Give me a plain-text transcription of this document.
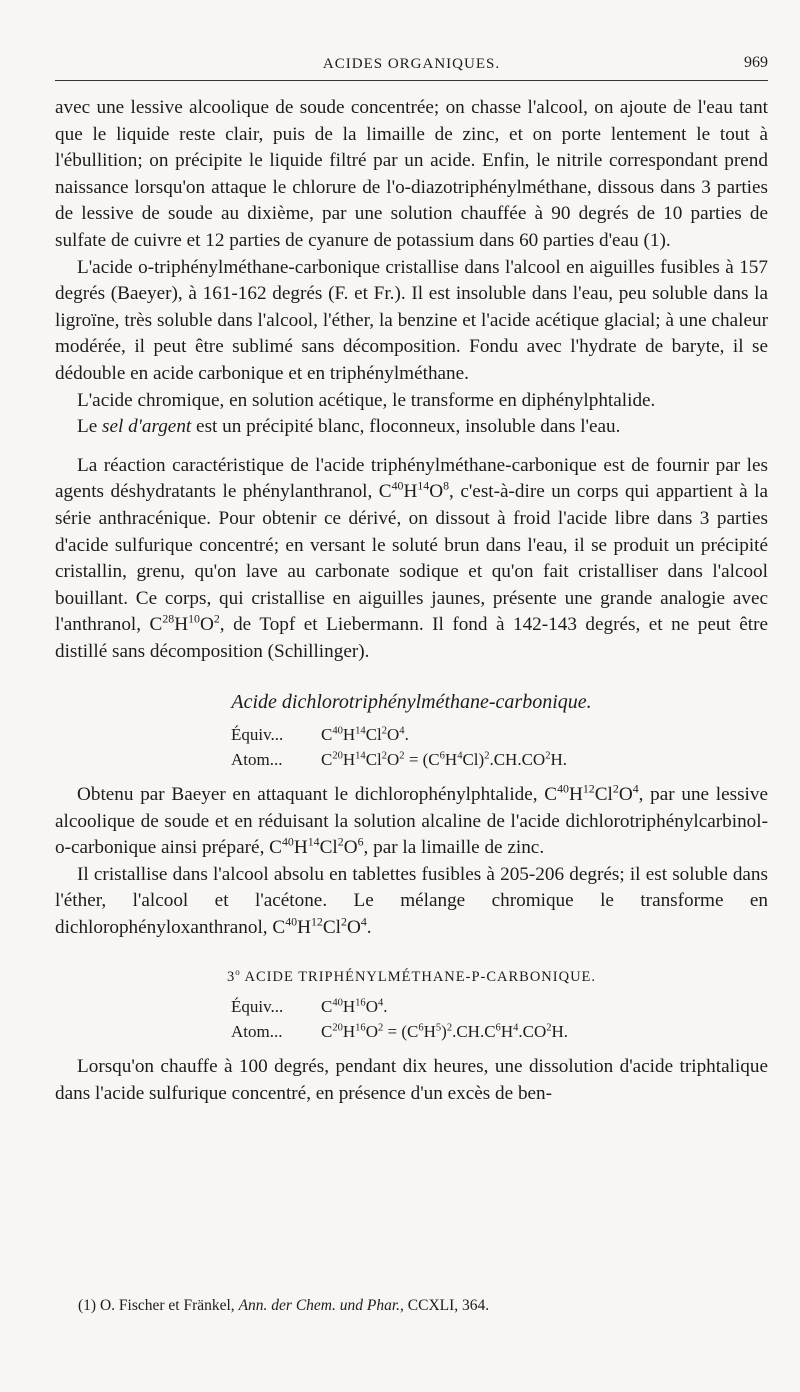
ACIDES ORGANIQUES.	969

avec une lessive alcoolique de soude concentrée; on chasse l'alcool, on ajoute de l'eau tant que le liquide reste clair, puis de la limaille de zinc, et on porte lentement le tout à l'ébullition; on précipite le liquide filtré par un acide. Enfin, le nitrile correspondant prend naissance lorsqu'on attaque le chlorure de l'o-diazotriphénylméthane, dissous dans 3 parties de lessive de soude au dixième, par une solution chauffée à 90 degrés de 10 parties de sulfate de cuivre et 12 parties de cyanure de potassium dans 60 parties d'eau (1).

L'acide o-triphénylméthane-carbonique cristallise dans l'alcool en aiguilles fusibles à 157 degrés (Baeyer), à 161-162 degrés (F. et Fr.). Il est insoluble dans l'eau, peu soluble dans la ligroïne, très soluble dans l'alcool, l'éther, la benzine et l'acide acétique glacial; à une chaleur modérée, il peut être sublimé sans décomposition. Fondu avec l'hydrate de baryte, il se dédouble en acide carbonique et en triphénylméthane.

L'acide chromique, en solution acétique, le transforme en diphénylphtalide.

Le sel d'argent est un précipité blanc, floconneux, insoluble dans l'eau.

La réaction caractéristique de l'acide triphénylméthane-carbonique est de fournir par les agents déshydratants le phénylanthranol, $C^{40}H^{14}O^8$, c'est-à-dire un corps qui appartient à la série anthracénique. Pour obtenir ce dérivé, on dissout à froid l'acide libre dans 3 parties d'acide sulfurique concentré; en versant le soluté brun dans l'eau, il se produit un précipité cristallin, grenu, qu'on lave au carbonate sodique et qu'on fait cristalliser dans l'alcool bouillant. Ce corps, qui cristallise en aiguilles jaunes, présente une grande analogie avec l'anthranol, $C^{28}H^{10}O^2$, de Topf et Liebermann. Il fond à 142-143 degrés, et ne peut être distillé sans décomposition (Schillinger).

Acide dichlorotriphénylméthane-carbonique.
Équiv... $C^{40}H^{14}Cl^2O^4$.
Atom... $C^{20}H^{14}Cl^2O^2 = (C^6H^4Cl)^2.CH.CO^2H$.

Obtenu par Baeyer en attaquant le dichlorophénylphtalide, $C^{40}H^{12}Cl^2O^4$, par une lessive alcoolique de soude et en réduisant la solution alcaline de l'acide dichlorotriphénylcarbinol-o-carbonique ainsi préparé, $C^{40}H^{14}Cl^2O^6$, par la limaille de zinc.

Il cristallise dans l'alcool absolu en tablettes fusibles à 205-206 degrés; il est soluble dans l'éther, l'alcool et l'acétone. Le mélange chromique le transforme en dichlorophényloxanthranol, $C^{40}H^{12}Cl^2O^4$.

3$^o$ ACIDE TRIPHÉNYLMÉTHANE-P-CARBONIQUE.
Équiv... $C^{40}H^{16}O^4$.
Atom... $C^{20}H^{16}O^2 = (C^6H^5)^2.CH.C^6H^4.CO^2H$.

Lorsqu'on chauffe à 100 degrés, pendant dix heures, une dissolution d'acide triphtalique dans l'acide sulfurique concentré, en présence d'un excès de ben-

(1) O. Fischer et Fränkel, Ann. der Chem. und Phar., CCXLI, 364.
